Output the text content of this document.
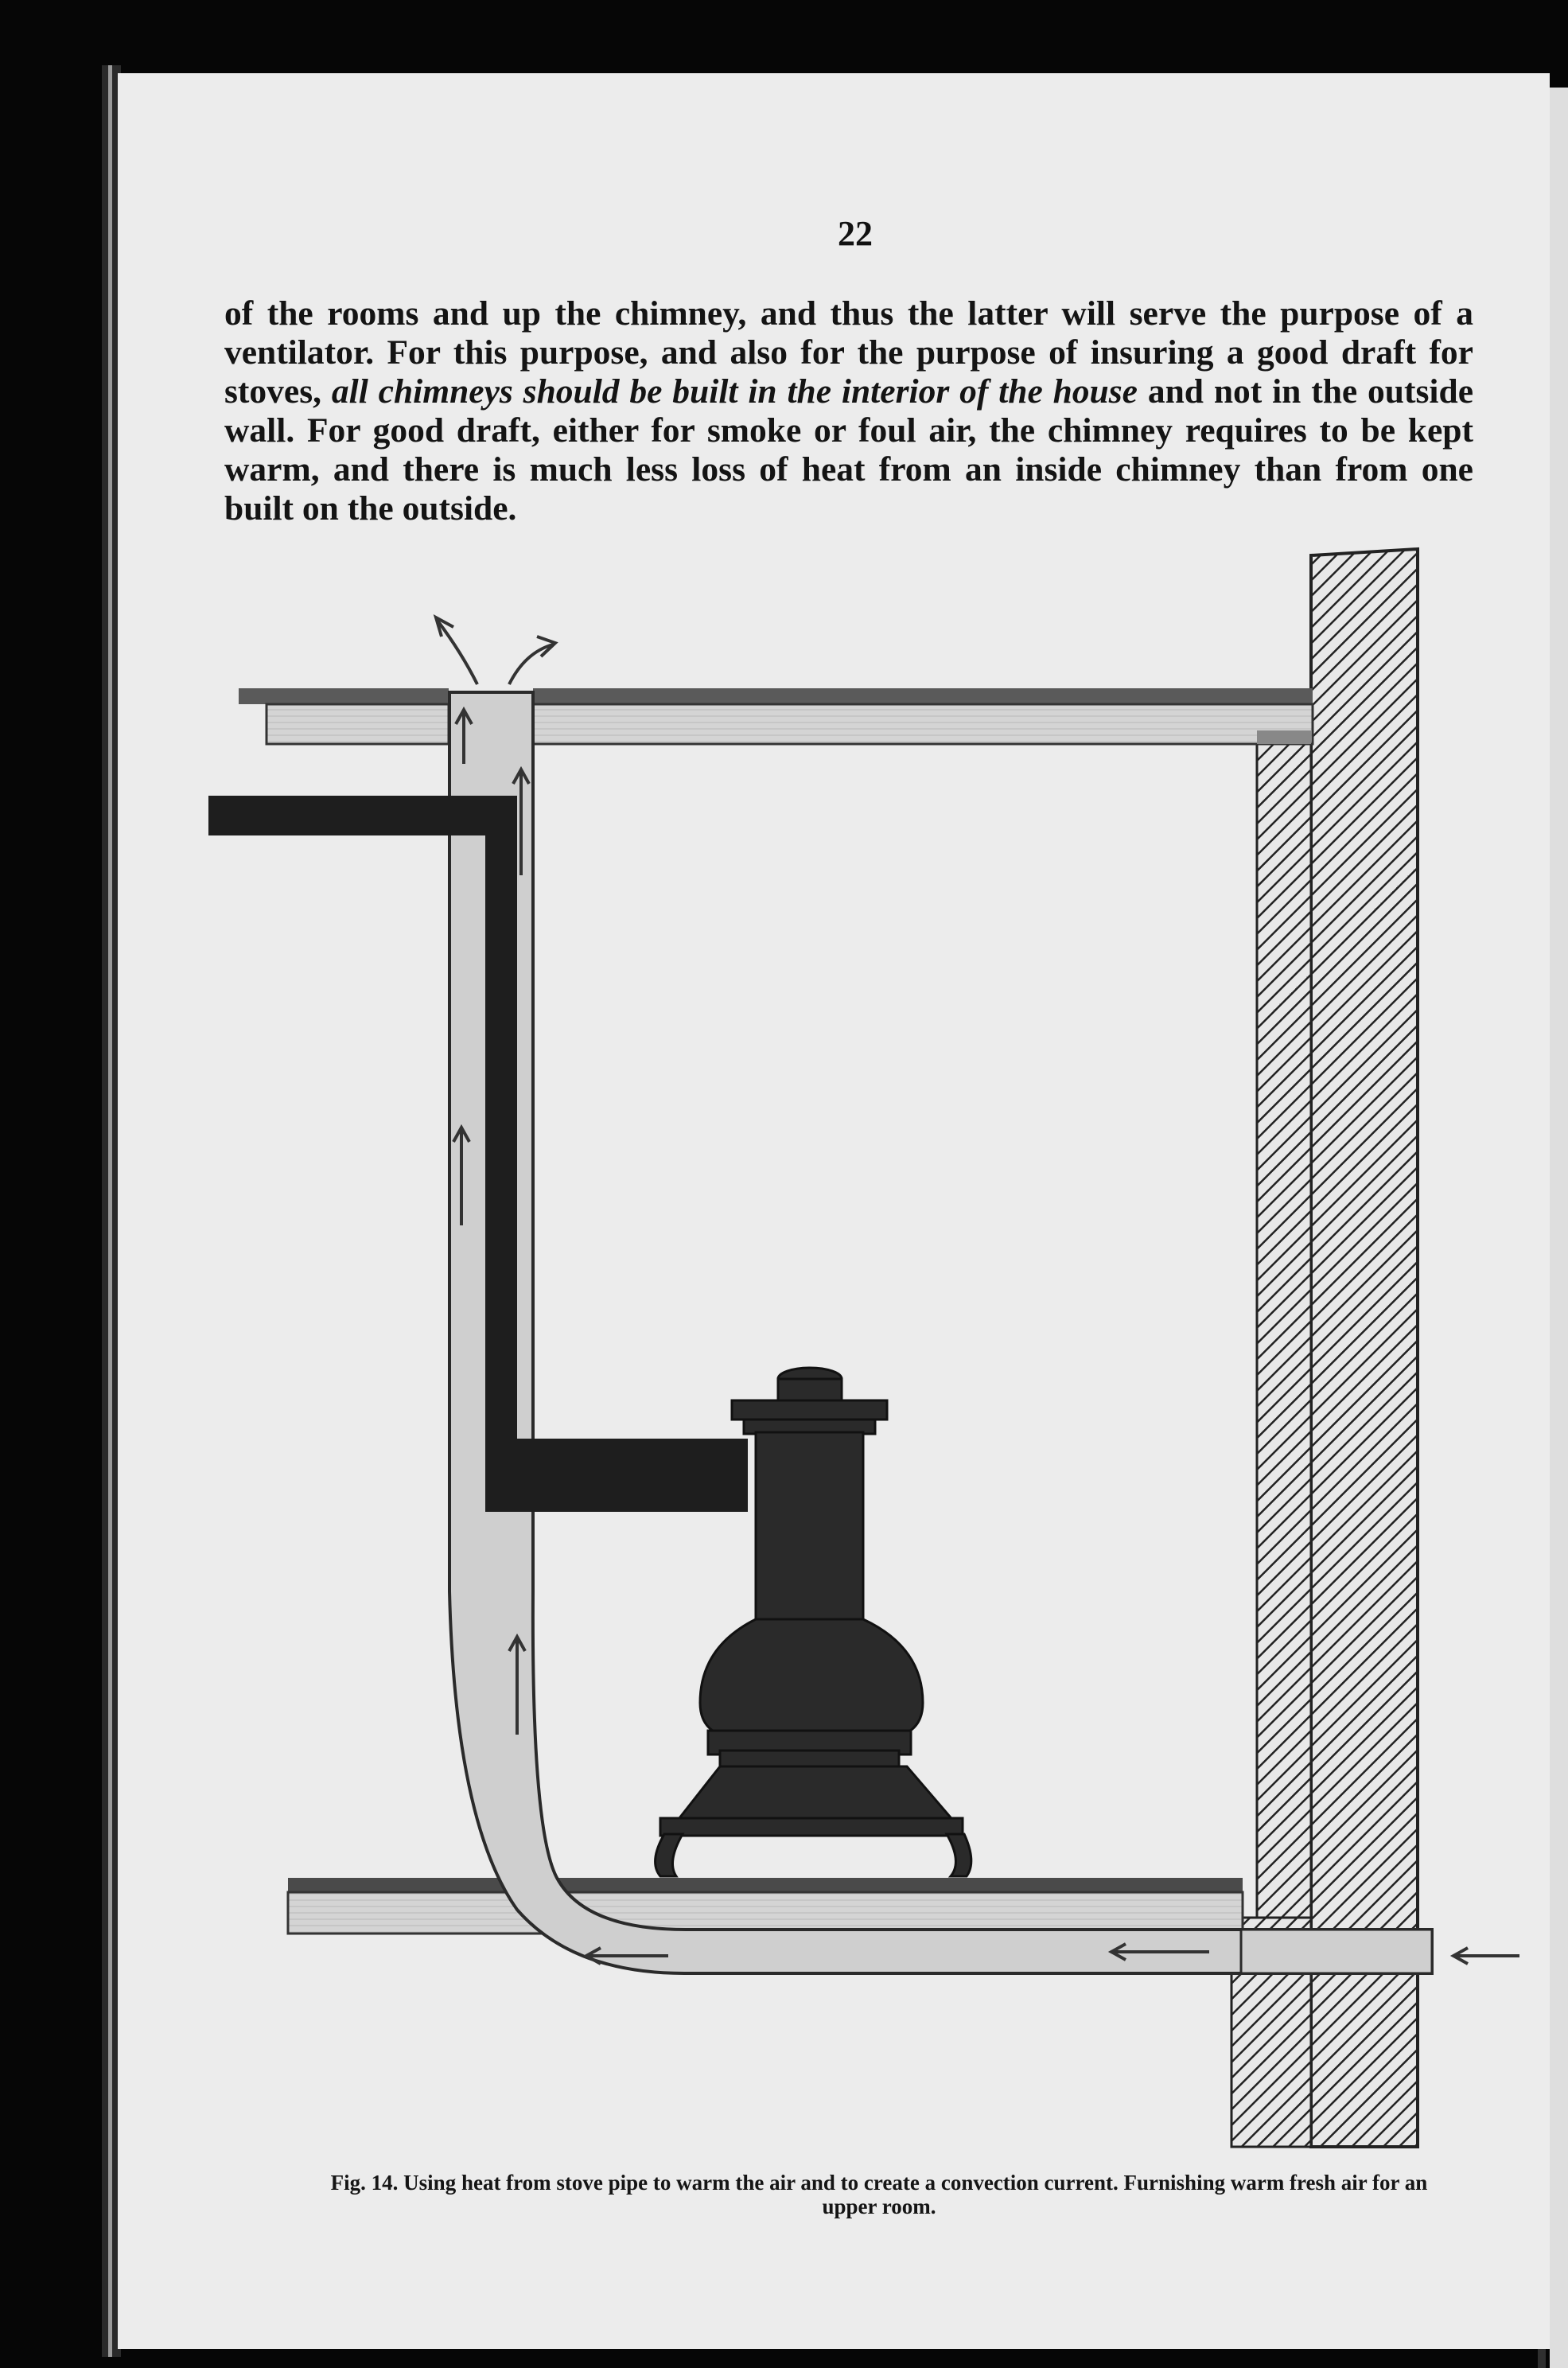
22

of the rooms and up the chimney, and thus the latter will serve the purpose of a ventilator. For this purpose, and also for the purpose of insuring a good draft for stoves, all chimneys should be built in the interior of the house and not in the outside wall. For good draft, either for smoke or foul air, the chimney requires to be kept warm, and there is much less loss of heat from an inside chimney than from one built on the outside.

Fig. 14. Using heat from stove pipe to warm the air and to create a convection current. Furnishing warm fresh air for an upper room.
